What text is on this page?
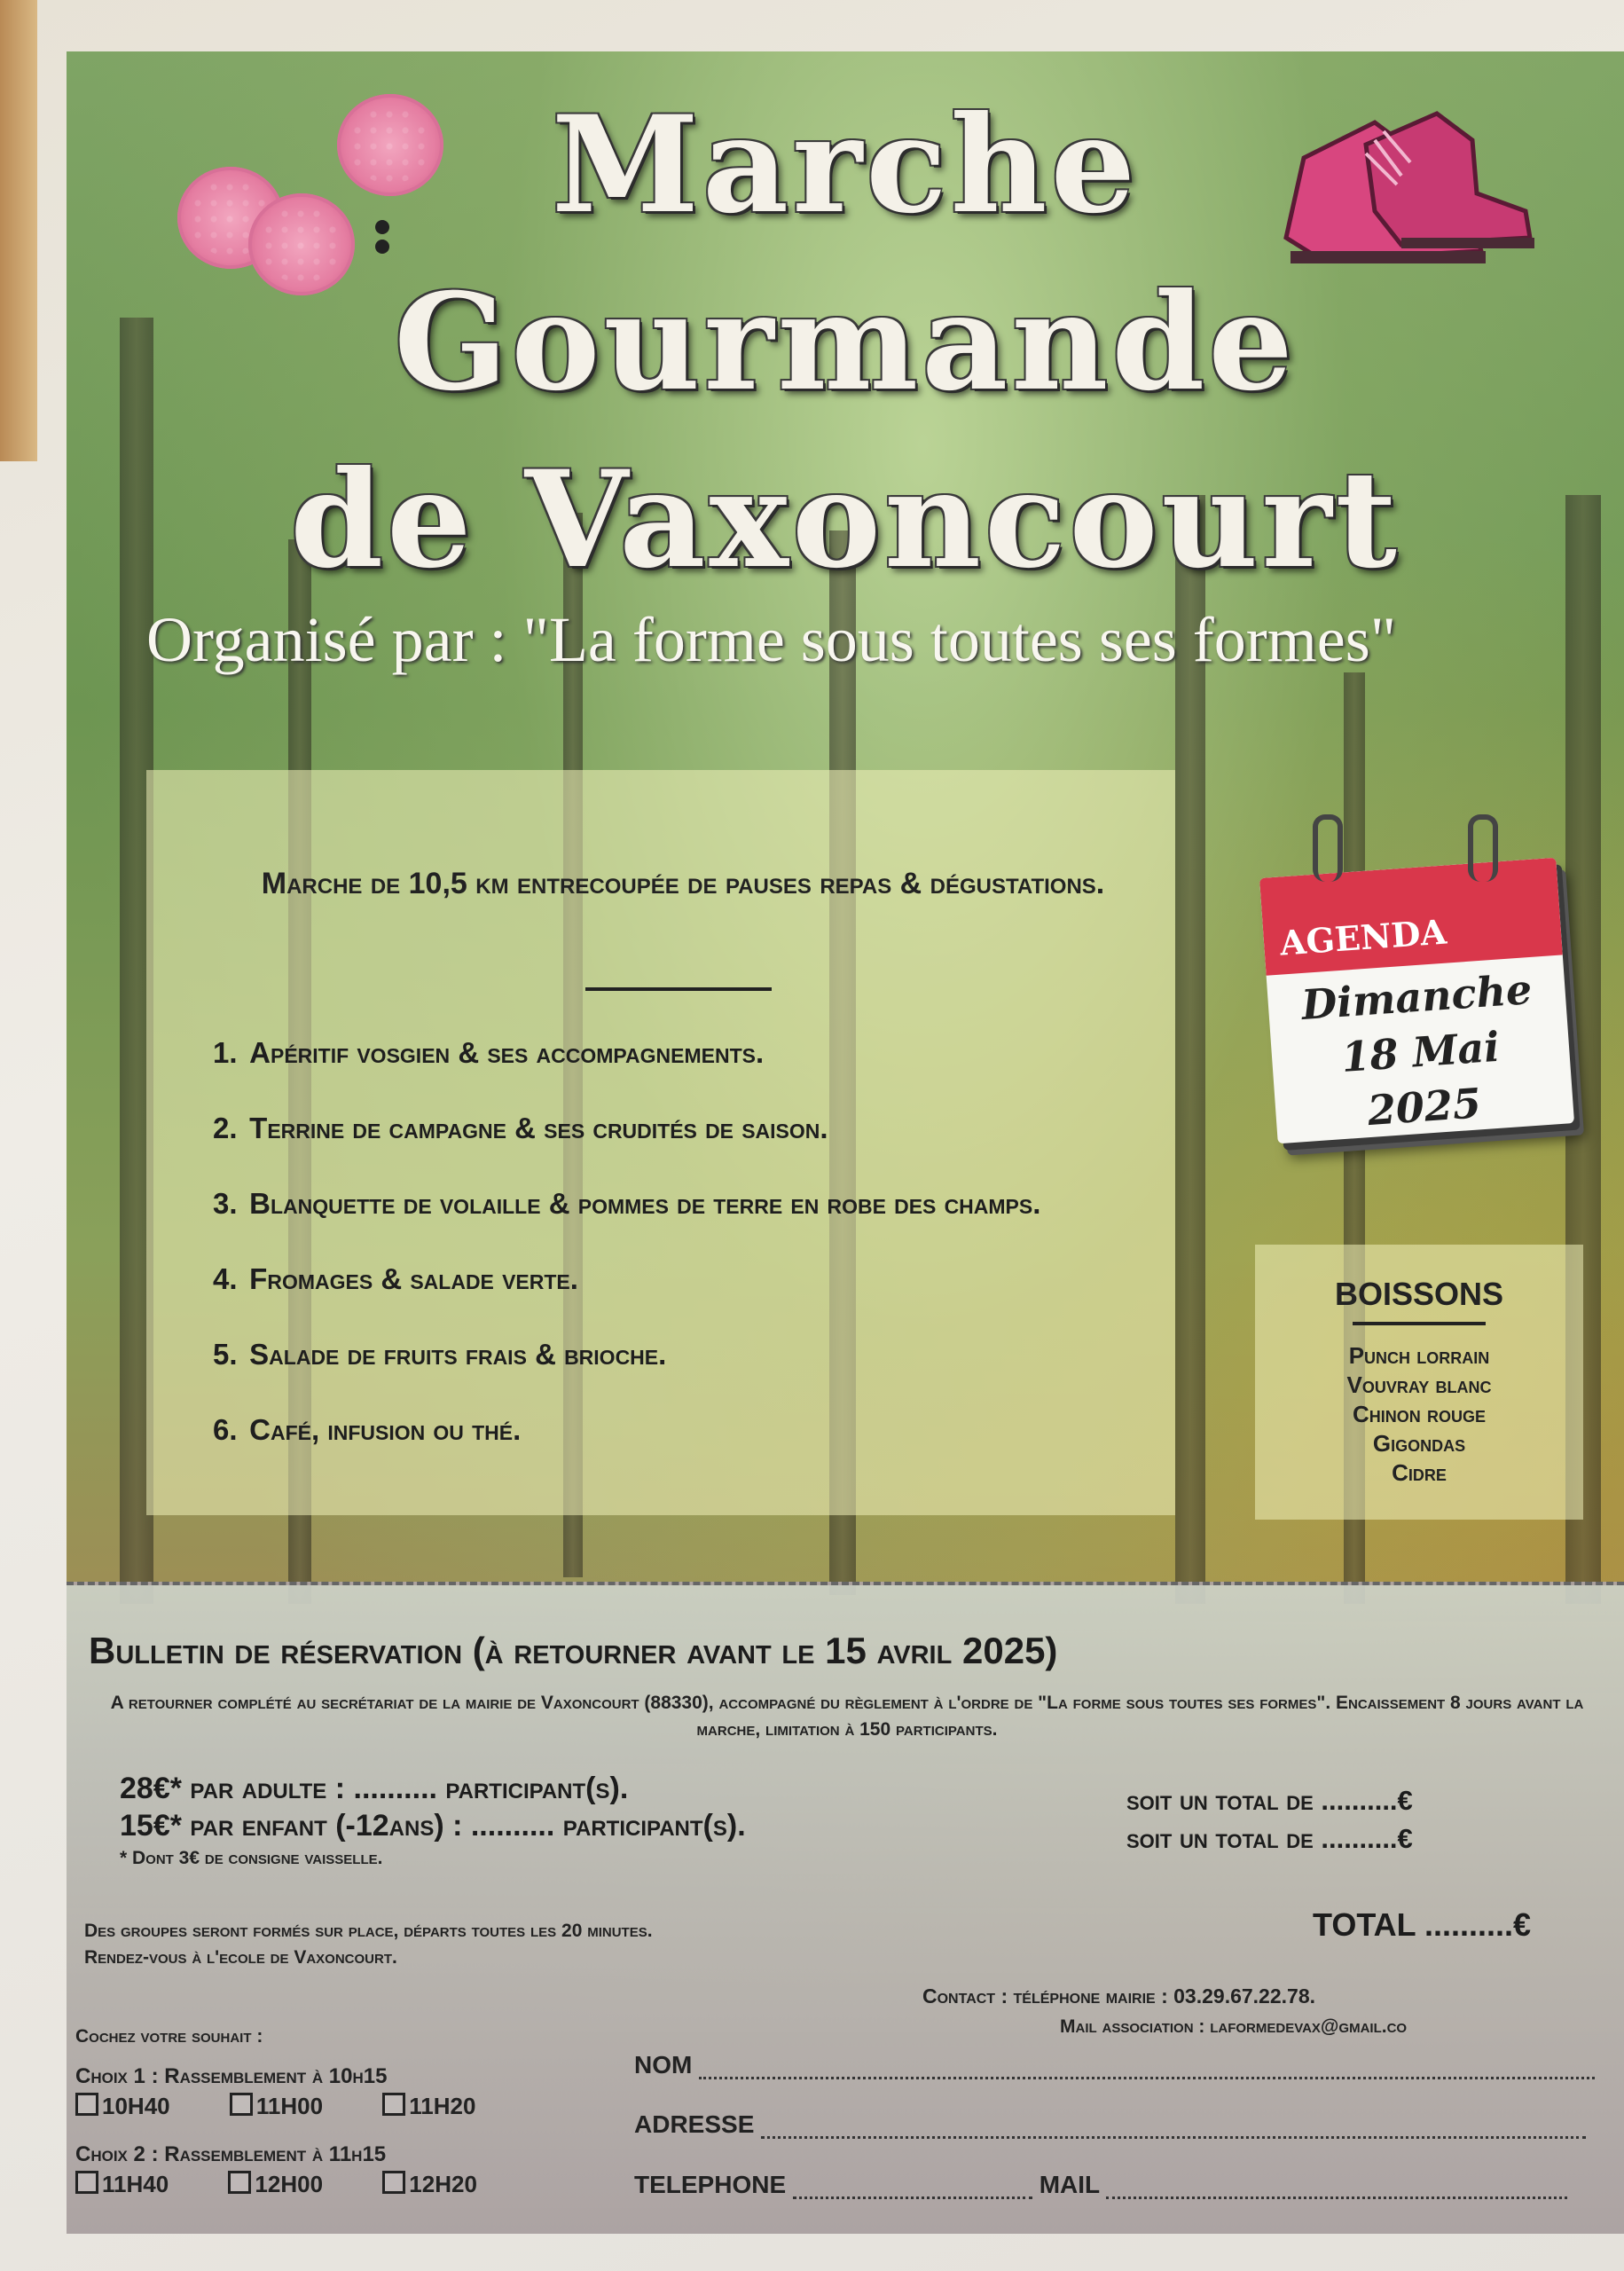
Marche
Gourmande
de Vaxoncourt
Organisé par : "La forme sous toutes ses formes"
Marche de 10,5 km entrecoupée de pauses repas & dégustations.
1. Apéritif vosgien & ses accompagnements.
2. Terrine de campagne & ses crudités de saison.
3. Blanquette de volaille & pommes de terre en robe des champs.
4. Fromages & salade verte.
5. Salade de fruits frais & brioche.
6. Café, infusion ou thé.
AGENDA
Dimanche
18 Mai
2025
BOISSONS
Punch lorrain
Vouvray blanc
Chinon rouge
Gigondas
Cidre
Bulletin de réservation (à retourner avant le 15 avril 2025)
A retourner complété au secrétariat de la mairie de Vaxoncourt (88330), accompagné du règlement à l'ordre de "La forme sous toutes ses formes". Encaissement 8 jours avant la marche, limitation à 150 participants.
28€* par adulte : .......... participant(s).
15€* par enfant (-12ans) : .......... participant(s).
* Dont 3€ de consigne vaisselle.
soit un total de ..........€
soit un total de ..........€
Des groupes seront formés sur place, départs toutes les 20 minutes.
Rendez-vous à l'ecole de Vaxoncourt.
TOTAL ..........€
Contact : téléphone mairie : 03.29.67.22.78.
Mail association : laformedevax@gmail.co
Cochez votre souhait :
Choix 1 : Rassemblement à 10h15
10H40	11H00	11H20
Choix 2 : Rassemblement à 11h15
11H40	12H00	12H20
NOM
ADRESSE
TELEPHONE	MAIL
